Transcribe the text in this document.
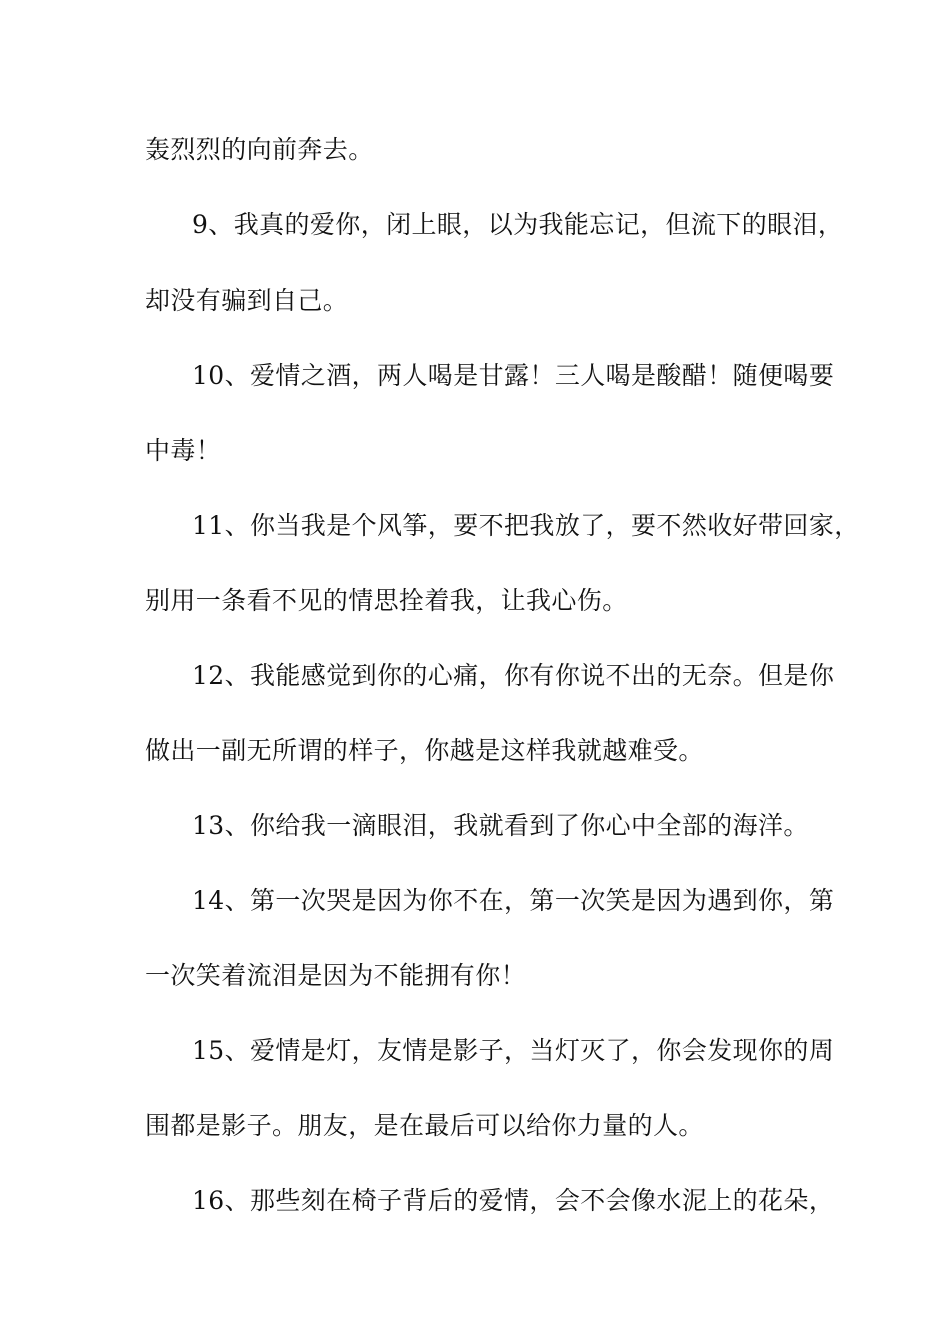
轰烈烈的向前奔去。
9、我真的爱你，闭上眼，以为我能忘记，但流下的眼泪，
却没有骗到自己。
10、爱情之酒，两人喝是甘露！三人喝是酸醋！随便喝要
中毒！
11、你当我是个风筝，要不把我放了，要不然收好带回家，
别用一条看不见的情思拴着我，让我心伤。
12、我能感觉到你的心痛，你有你说不出的无奈。但是你
做出一副无所谓的样子，你越是这样我就越难受。
13、你给我一滴眼泪，我就看到了你心中全部的海洋。
14、第一次哭是因为你不在，第一次笑是因为遇到你，第
一次笑着流泪是因为不能拥有你！
15、爱情是灯，友情是影子，当灯灭了，你会发现你的周
围都是影子。朋友，是在最后可以给你力量的人。
16、那些刻在椅子背后的爱情，会不会像水泥上的花朵，
